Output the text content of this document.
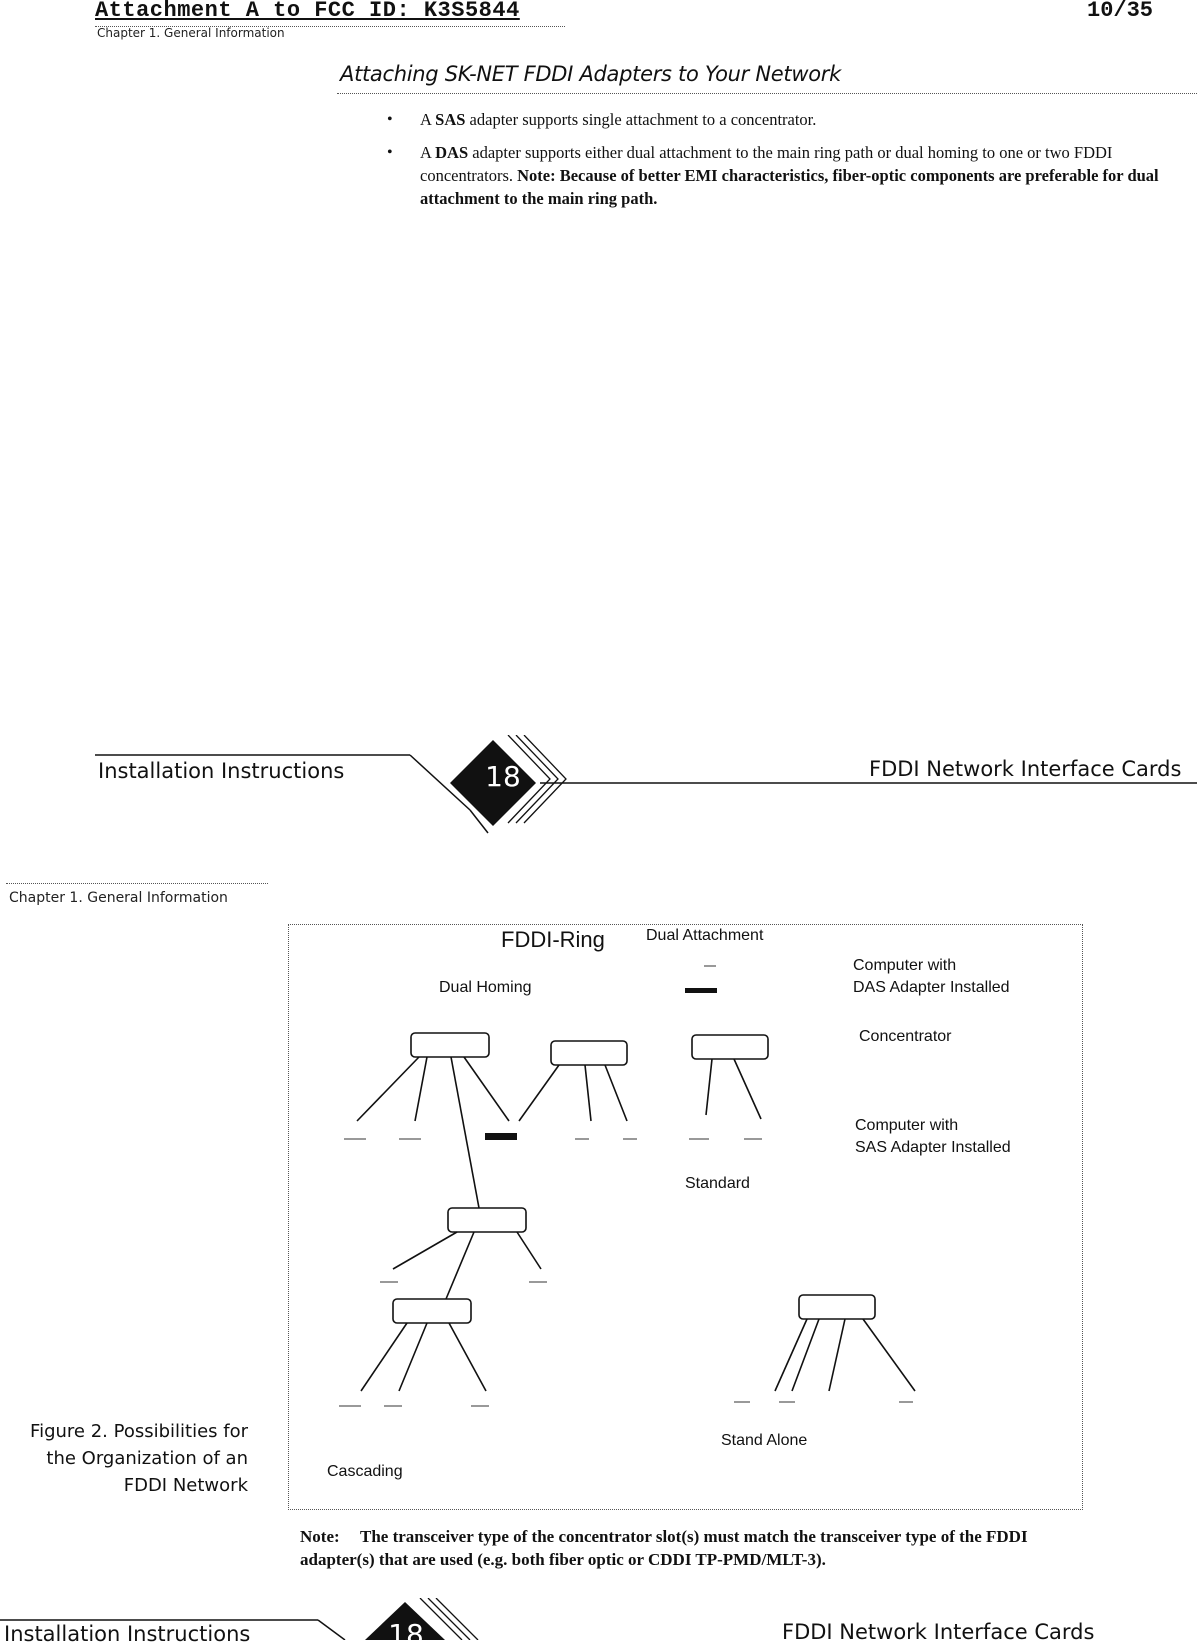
Attachment A to FCC ID: K3S5844	10/35
Chapter 1. General Information
Attaching SK-NET FDDI Adapters to Your Network
• A SAS adapter supports single attachment to a concentrator.
• A DAS adapter supports either dual attachment to the main ring path or dual homing to one or two FDDI concentrators. Note: Because of better EMI characteristics, fiber-optic components are preferable for dual attachment to the main ring path.
Installation Instructions	FDDI Network Interface Cards
18
Chapter 1. General Information
Figure 2. Possibilities for the Organization of an FDDI Network
FDDI-Ring	Dual Attachment
Dual Homing
Computer with
DAS Adapter Installed
Concentrator
Computer with
SAS Adapter Installed
Standard
Stand Alone
Cascading
Note: The transceiver type of the concentrator slot(s) must match the transceiver type of the FDDI adapter(s) that are used (e.g. both fiber optic or CDDI TP-PMD/MLT-3).
Installation Instructions	FDDI Network Interface Cards
18
